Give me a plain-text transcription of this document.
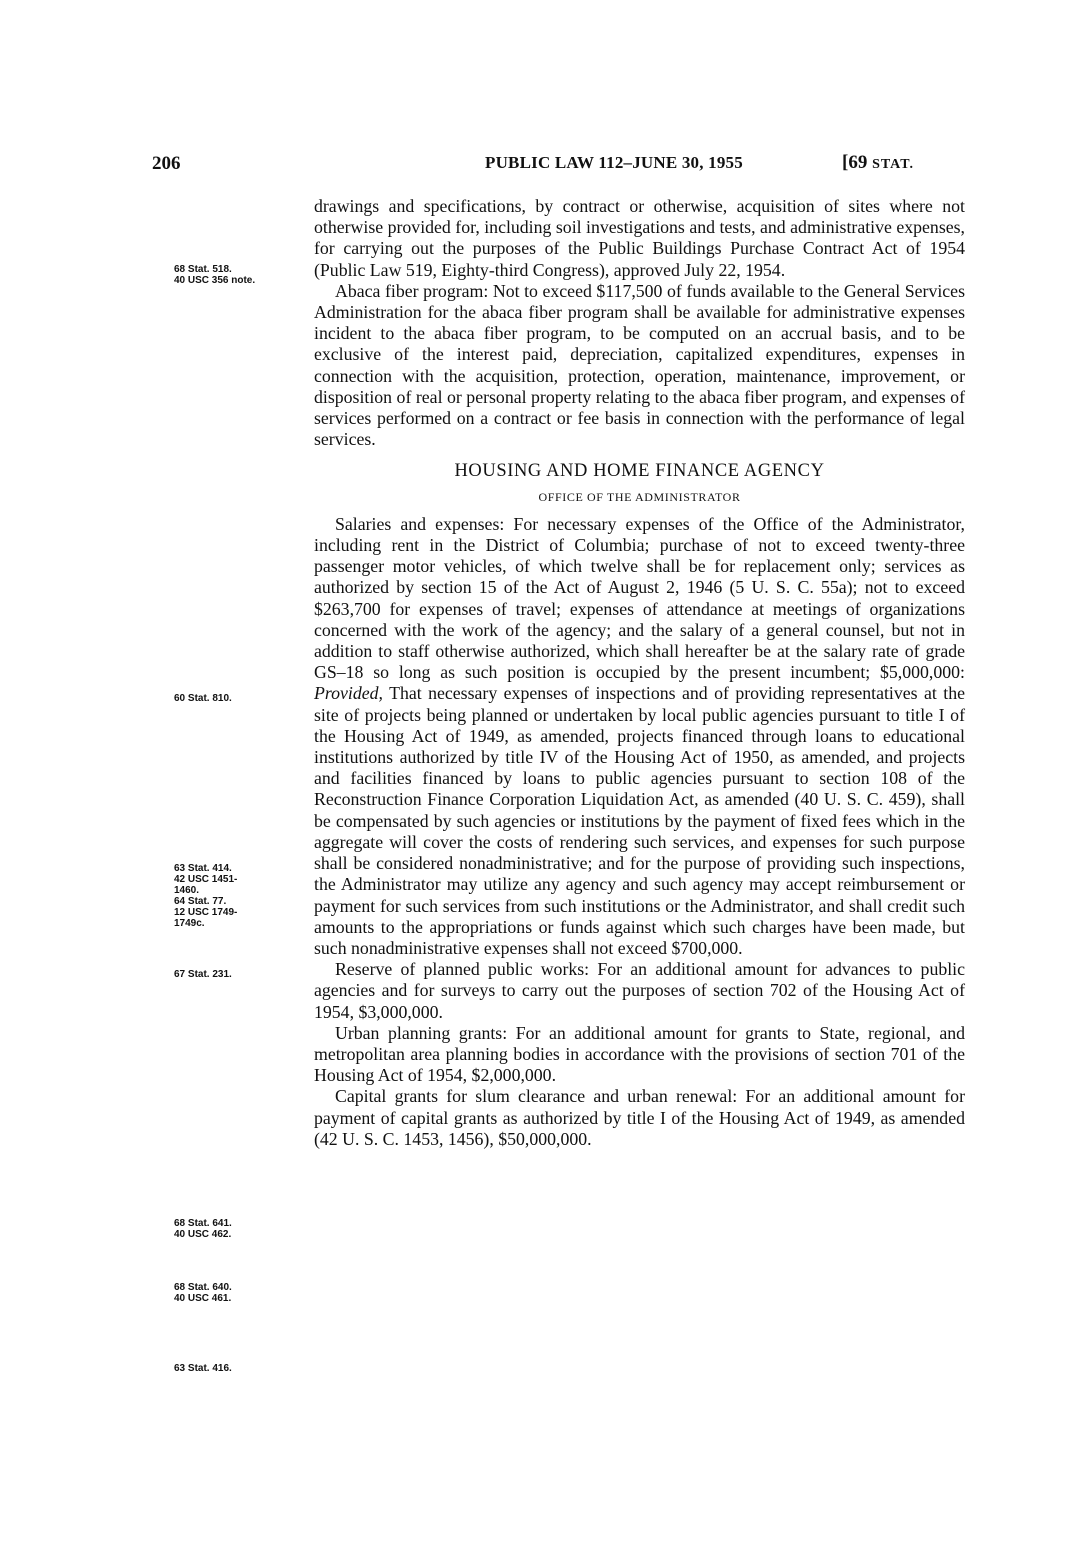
206	PUBLIC LAW 112–JUNE 30, 1955	[69 STAT.
68 Stat. 518.
40 USC 356 note.
60 Stat. 810.
63 Stat. 414.
42 USC 1451-
1460.
64 Stat. 77.
12 USC 1749-
1749c.
67 Stat. 231.
68 Stat. 641.
40 USC 462.
68 Stat. 640.
40 USC 461.
63 Stat. 416.

drawings and specifications, by contract or otherwise, acquisition of sites where not otherwise provided for, including soil investigations and tests, and administrative expenses, for carrying out the purposes of the Public Buildings Purchase Contract Act of 1954 (Public Law 519, Eighty-third Congress), approved July 22, 1954.

Abaca fiber program: Not to exceed $117,500 of funds available to the General Services Administration for the abaca fiber program shall be available for administrative expenses incident to the abaca fiber program, to be computed on an accrual basis, and to be exclusive of the interest paid, depreciation, capitalized expenditures, expenses in connection with the acquisition, protection, operation, maintenance, improvement, or disposition of real or personal property relating to the abaca fiber program, and expenses of services performed on a contract or fee basis in connection with the performance of legal services.

HOUSING AND HOME FINANCE AGENCY
OFFICE OF THE ADMINISTRATOR

Salaries and expenses: For necessary expenses of the Office of the Administrator, including rent in the District of Columbia; purchase of not to exceed twenty-three passenger motor vehicles, of which twelve shall be for replacement only; services as authorized by section 15 of the Act of August 2, 1946 (5 U. S. C. 55a); not to exceed $263,700 for expenses of travel; expenses of attendance at meetings of organizations concerned with the work of the agency; and the salary of a general counsel, but not in addition to staff otherwise authorized, which shall hereafter be at the salary rate of grade GS–18 so long as such position is occupied by the present incumbent; $5,000,000: Provided, That necessary expenses of inspections and of providing representatives at the site of projects being planned or undertaken by local public agencies pursuant to title I of the Housing Act of 1949, as amended, projects financed through loans to educational institutions authorized by title IV of the Housing Act of 1950, as amended, and projects and facilities financed by loans to public agencies pursuant to section 108 of the Reconstruction Finance Corporation Liquidation Act, as amended (40 U. S. C. 459), shall be compensated by such agencies or institutions by the payment of fixed fees which in the aggregate will cover the costs of rendering such services, and expenses for such purpose shall be considered nonadministrative; and for the purpose of providing such inspections, the Administrator may utilize any agency and such agency may accept reimbursement or payment for such services from such institutions or the Administrator, and shall credit such amounts to the appropriations or funds against which such charges have been made, but such nonadministrative expenses shall not exceed $700,000.

Reserve of planned public works: For an additional amount for advances to public agencies and for surveys to carry out the purposes of section 702 of the Housing Act of 1954, $3,000,000.

Urban planning grants: For an additional amount for grants to State, regional, and metropolitan area planning bodies in accordance with the provisions of section 701 of the Housing Act of 1954, $2,000,000.

Capital grants for slum clearance and urban renewal: For an additional amount for payment of capital grants as authorized by title I of the Housing Act of 1949, as amended (42 U. S. C. 1453, 1456), $50,000,000.
